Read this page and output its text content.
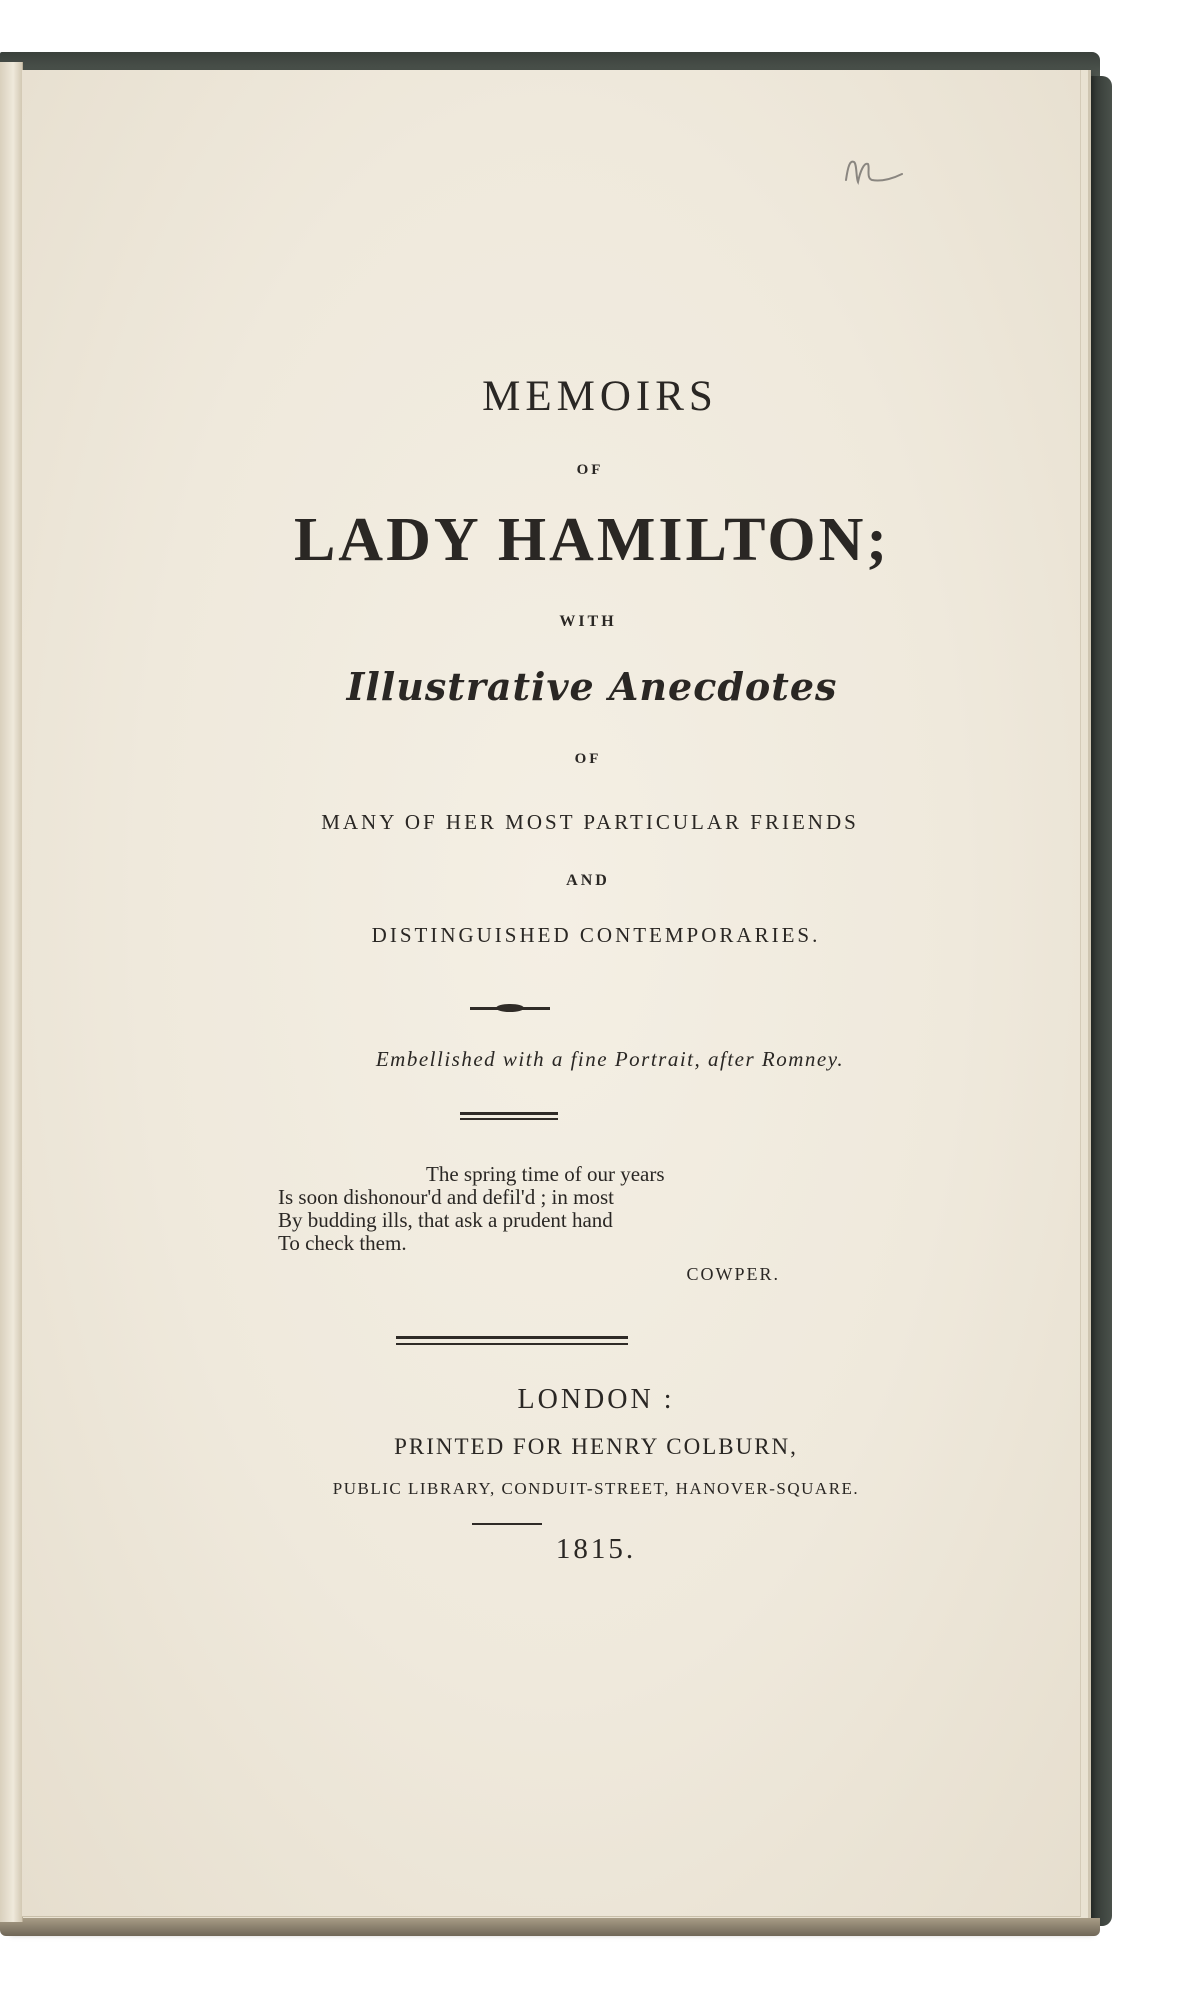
MEMOIRS
OF
LADY HAMILTON;
WITH
Illustrative Anecdotes
OF
MANY OF HER MOST PARTICULAR FRIENDS
AND
DISTINGUISHED CONTEMPORARIES.
Embellished with a fine Portrait, after Romney.
The spring time of our years
Is soon dishonour'd and defil'd ; in most
By budding ills, that ask a prudent hand
To check them.
COWPER.
LONDON :
PRINTED FOR HENRY COLBURN,
PUBLIC LIBRARY, CONDUIT-STREET, HANOVER-SQUARE.
1815.
